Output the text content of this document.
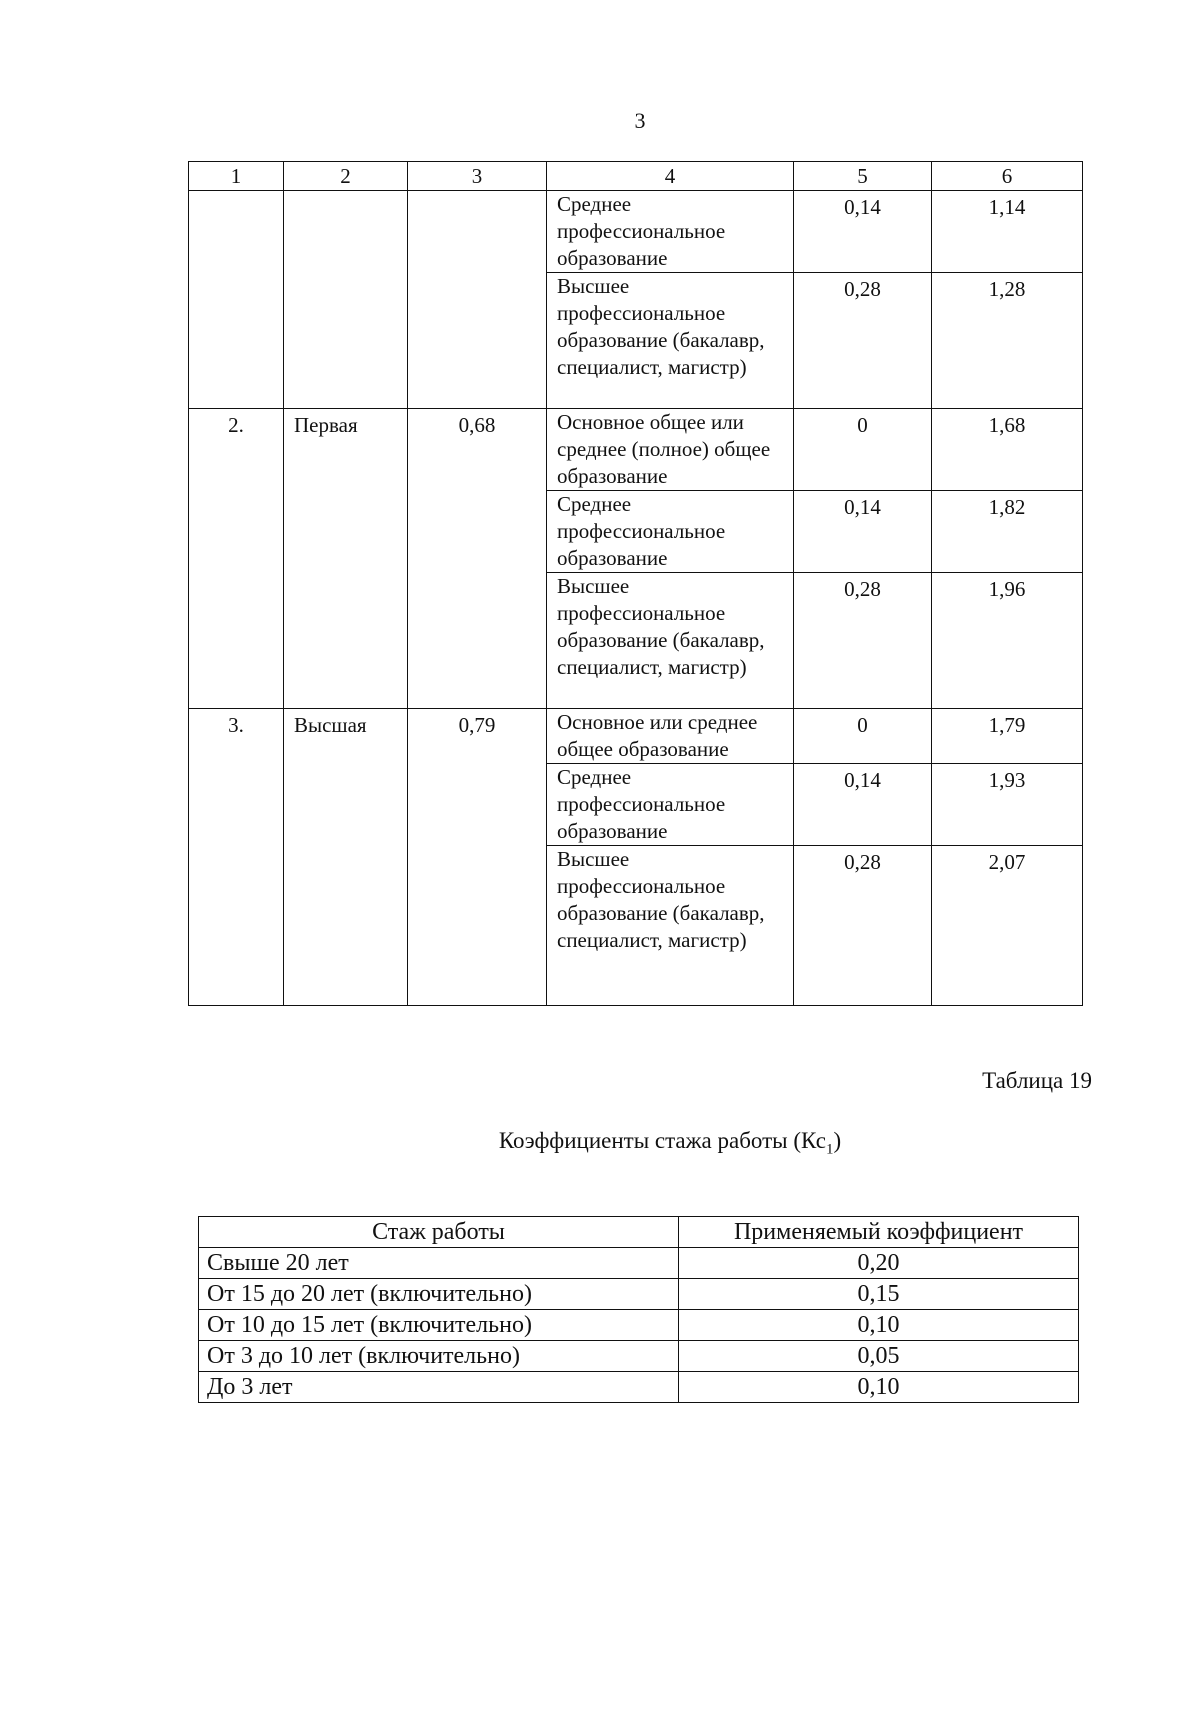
3
1	2	3	4	5	6
			Среднее профессиональное образование	0,14	1,14
			Высшее профессиональное образование (бакалавр, специалист, магистр)	0,28	1,28

2.	Первая	0,68	Основное общее или среднее (полное) общее образование	0	1,68
			Среднее профессиональное образование	0,14	1,82
			Высшее профессиональное образование (бакалавр, специалист, магистр)	0,28	1,96

3.	Высшая	0,79	Основное или среднее общее образование	0	1,79
			Среднее профессиональное образование	0,14	1,93
			Высшее профессиональное образование (бакалавр, специалист, магистр)	0,28	2,07
Таблица 19
Коэффициенты стажа работы $(Кс_1)$
Стаж работы	Применяемый коэффициент
Свыше 20 лет	0,20
От 15 до 20 лет (включительно)	0,15
От 10 до 15 лет (включительно)	0,10
От 3 до 10 лет (включительно)	0,05
До 3 лет	0,10
